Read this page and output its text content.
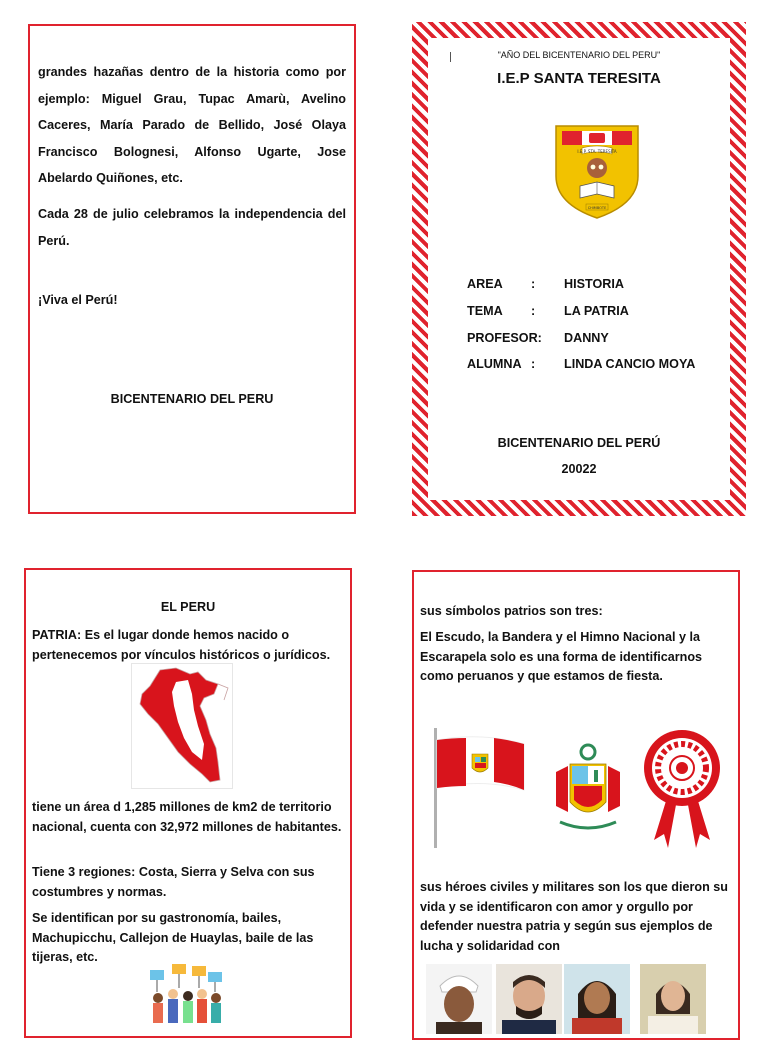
grandes hazañas dentro de la historia como por ejemplo: Miguel Grau, Tupac Amarù, Avelino Caceres, María Parado de Bellido, José Olaya Francisco Bolognesi, Alfonso Ugarte, Jose Abelardo Quiñones, etc.

Cada 28 de julio celebramos la independencia del Perú.

¡Viva el Perú!

BICENTENARIO DEL PERU

"AÑO DEL BICENTENARIO DEL PERU"

I.E.P SANTA TERESITA

I.E.P. STA. TERESITA
CHIMBOTE
AREA : HISTORIA
TEMA : LA PATRIA
PROFESOR: DANNY
ALUMNA : LINDA CANCIO MOYA

BICENTENARIO DEL PERÚ

20022

EL PERU

PATRIA: Es el lugar donde hemos nacido o pertenecemos por vínculos históricos o jurídicos.

tiene un área d 1,285 millones de km2 de territorio nacional, cuenta con 32,972 millones de habitantes.

Tiene 3 regiones: Costa, Sierra y Selva con sus costumbres y normas.

Se identifican por su gastronomía, bailes, Machupicchu, Callejon de Huaylas, baile de las tijeras, etc.

sus símbolos patrios son tres:

El Escudo, la Bandera y el Himno Nacional y la Escarapela solo es una forma de identificarnos como peruanos y que estamos de fiesta.

sus héroes civiles y militares son los que dieron su vida y se identificaron con amor y orgullo por defender nuestra patria y según sus ejemplos de lucha y solidaridad con
